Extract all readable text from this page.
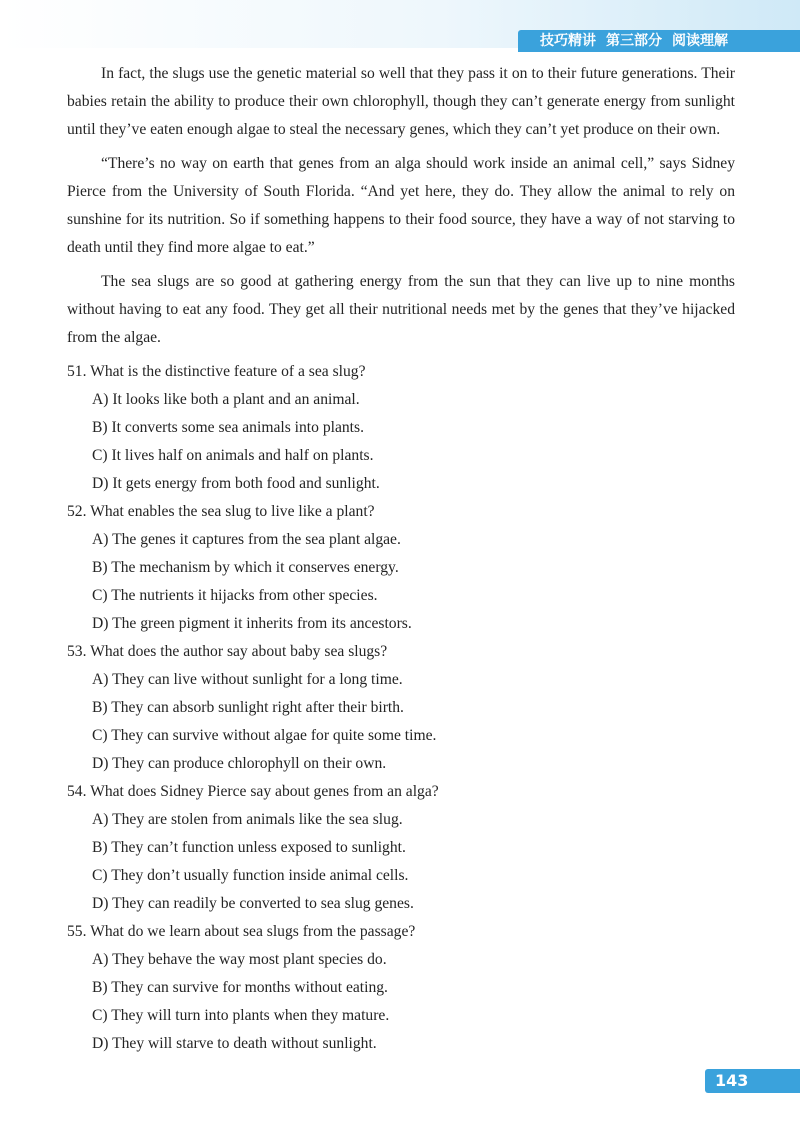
技巧精讲 第三部分 阅读理解

In fact, the slugs use the genetic material so well that they pass it on to their future generations. Their babies retain the ability to produce their own chlorophyll, though they can’t generate energy from sunlight until they’ve eaten enough algae to steal the necessary genes, which they can’t yet produce on their own.

“There’s no way on earth that genes from an alga should work inside an animal cell,” says Sidney Pierce from the University of South Florida. “And yet here, they do. They allow the animal to rely on sunshine for its nutrition. So if something happens to their food source, they have a way of not starving to death until they find more algae to eat.”

The sea slugs are so good at gathering energy from the sun that they can live up to nine months without having to eat any food. They get all their nutritional needs met by the genes that they’ve hijacked from the algae.

51. What is the distinctive feature of a sea slug?

A) It looks like both a plant and an animal.

B) It converts some sea animals into plants.

C) It lives half on animals and half on plants.

D) It gets energy from both food and sunlight.

52. What enables the sea slug to live like a plant?

A) The genes it captures from the sea plant algae.

B) The mechanism by which it conserves energy.

C) The nutrients it hijacks from other species.

D) The green pigment it inherits from its ancestors.

53. What does the author say about baby sea slugs?

A) They can live without sunlight for a long time.

B) They can absorb sunlight right after their birth.

C) They can survive without algae for quite some time.

D) They can produce chlorophyll on their own.

54. What does Sidney Pierce say about genes from an alga?

A) They are stolen from animals like the sea slug.

B) They can’t function unless exposed to sunlight.

C) They don’t usually function inside animal cells.

D) They can readily be converted to sea slug genes.

55. What do we learn about sea slugs from the passage?

A) They behave the way most plant species do.

B) They can survive for months without eating.

C) They will turn into plants when they mature.

D) They will starve to death without sunlight.

143
